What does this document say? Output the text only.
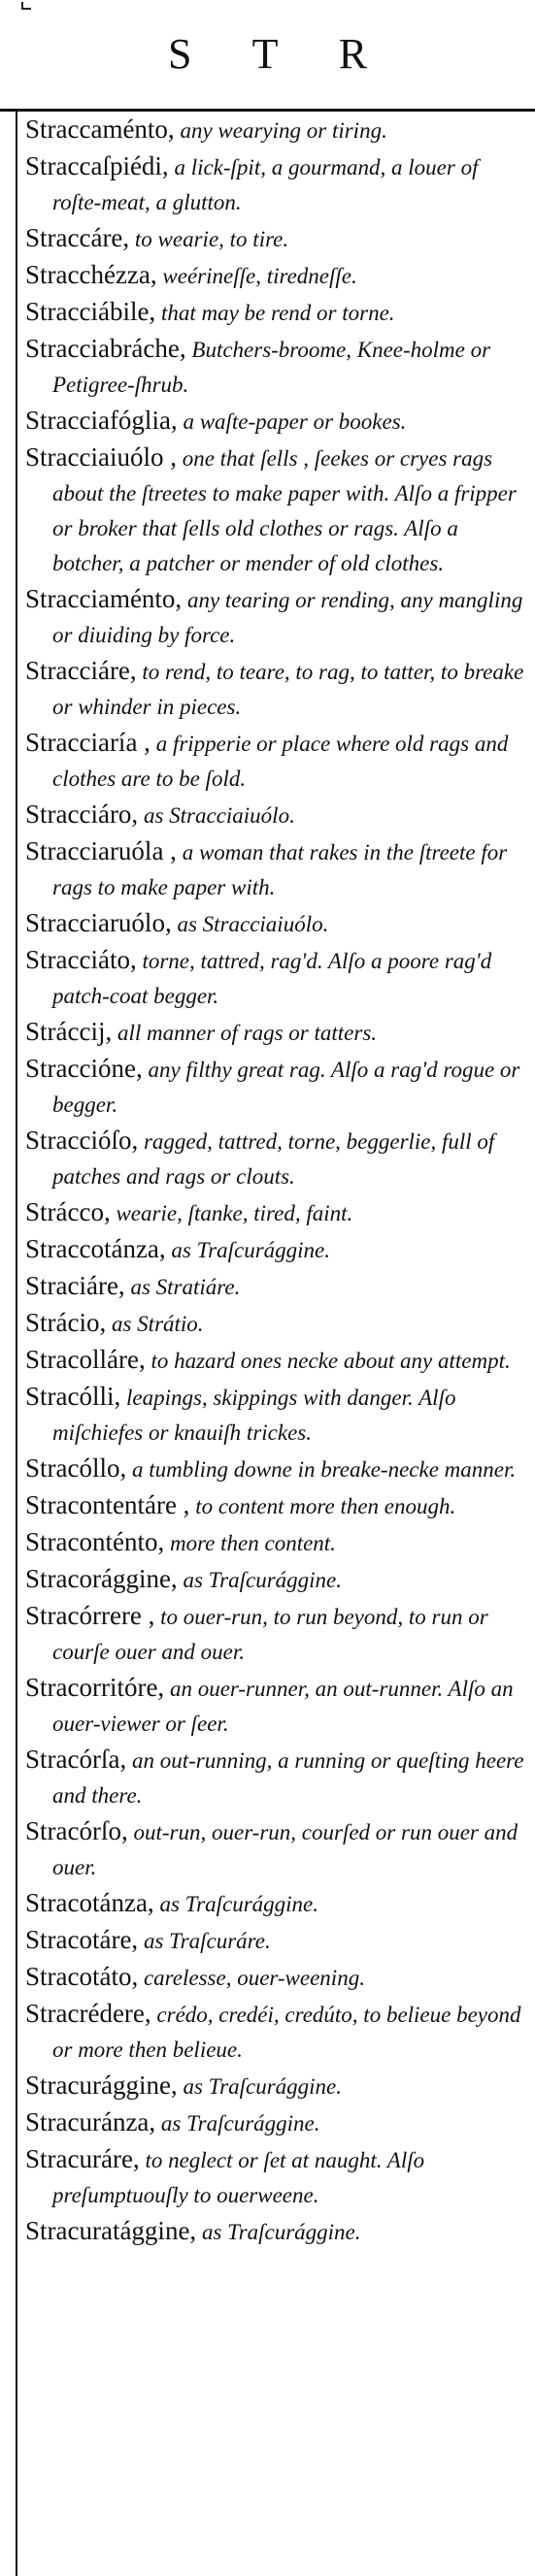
S T R

Straccaménto, any wearying or tiring.

Straccaſpiédi, a lick-ſpit, a gourmand, a louer of roſte-meat, a glutton.

Straccáre, to wearie, to tire.

Stracchézza, weérineſſe, tiredneſſe.

Stracciábile, that may be rend or torne.

Stracciabráche, Butchers-broome, Knee-holme or Petigree-ſhrub.

Stracciafóglia, a waſte-paper or bookes.

Stracciaiuólo , one that ſells , ſeekes or cryes rags about the ſtreetes to make paper with. Alſo a fripper or broker that ſells old clothes or rags. Alſo a botcher, a patcher or mender of old clothes.

Stracciaménto, any tearing or rending, any mangling or diuiding by force.

Stracciáre, to rend, to teare, to rag, to tatter, to breake or whinder in pieces.

Stracciaría , a fripperie or place where old rags and clothes are to be ſold.

Stracciáro, as Stracciaiuólo.

Stracciaruóla , a woman that rakes in the ſtreete for rags to make paper with.

Stracciaruólo, as Stracciaiuólo.

Stracciáto, torne, tattred, rag'd. Alſo a poore rag'd patch-coat begger.

Stráccij, all manner of rags or tatters.

Straccióne, any filthy great rag. Alſo a rag'd rogue or begger.

Straccióſo, ragged, tattred, torne, beggerlie, full of patches and rags or clouts.

Strácco, wearie, ſtanke, tired, faint.

Straccotánza, as Traſcurággine.

Straciáre, as Stratiáre.

Strácio, as Strátio.

Stracolláre, to hazard ones necke about any attempt.

Stracólli, leapings, skippings with danger. Alſo miſchiefes or knauiſh trickes.

Stracóllo, a tumbling downe in breake-necke manner.

Stracontentáre , to content more then enough.

Straconténto, more then content.

Stracorággine, as Traſcurággine.

Stracórrere , to ouer-run, to run beyond, to run or courſe ouer and ouer.

Stracorritóre, an ouer-runner, an out-runner. Alſo an ouer-viewer or ſeer.

Stracórſa, an out-running, a running or queſting heere and there.

Stracórſo, out-run, ouer-run, courſed or run ouer and ouer.

Stracotánza, as Traſcurággine.

Stracotáre, as Traſcuráre.

Stracotáto, carelesse, ouer-weening.

Stracrédere, crédo, credéi, credúto, to belieue beyond or more then belieue.

Stracurággine, as Traſcurággine.

Stracuránza, as Traſcurággine.

Stracuráre, to neglect or ſet at naught. Alſo preſumptuouſly to ouerweene.

Stracuratággine, as Traſcurággine.
